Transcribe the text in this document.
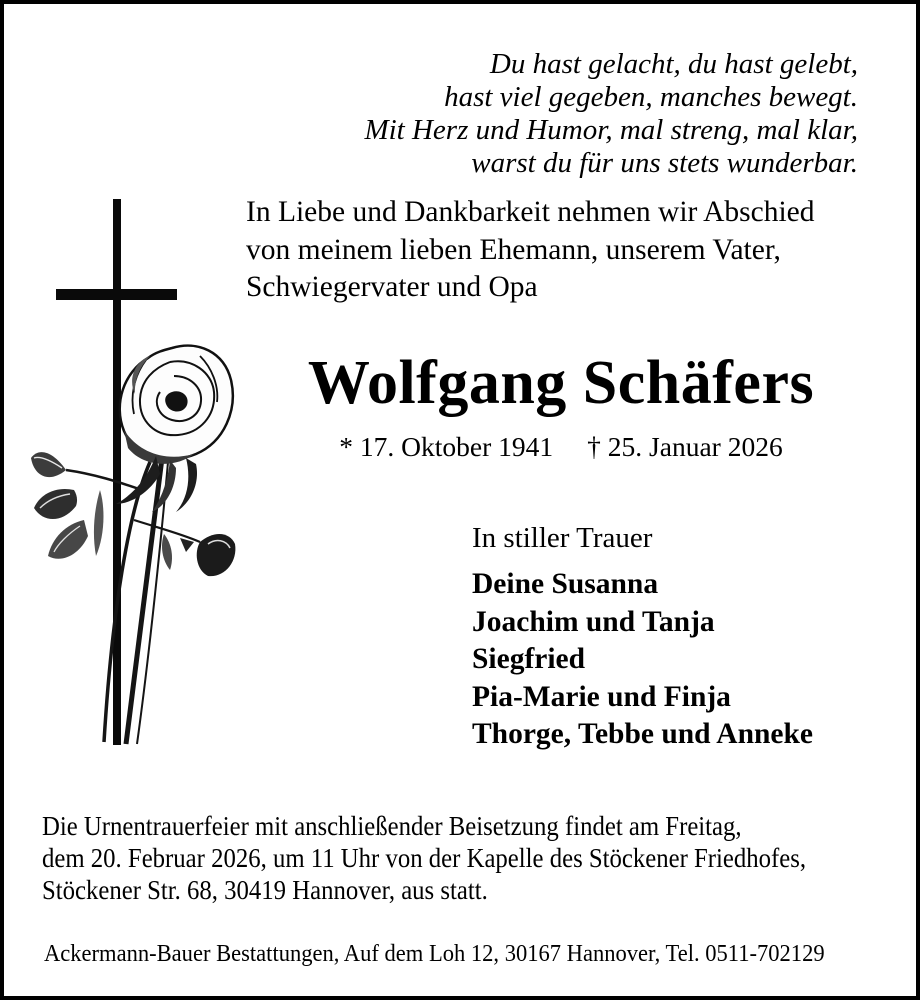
Du hast gelacht, du hast gelebt,
hast viel gegeben, manches bewegt.
Mit Herz und Humor, mal streng, mal klar,
warst du für uns stets wunderbar.
In Liebe und Dankbarkeit nehmen wir Abschied
von meinem lieben Ehemann, unserem Vater,
Schwiegervater und Opa
Wolfgang Schäfers
* 17. Oktober 1941 † 25. Januar 2026
In stiller Trauer
Deine Susanna
Joachim und Tanja
Siegfried
Pia-Marie und Finja
Thorge, Tebbe und Anneke
Die Urnentrauerfeier mit anschließender Beisetzung findet am Freitag,
dem 20. Februar 2026, um 11 Uhr von der Kapelle des Stöckener Friedhofes,
Stöckener Str. 68, 30419 Hannover, aus statt.
Ackermann-Bauer Bestattungen, Auf dem Loh 12, 30167 Hannover, Tel. 0511-702129
